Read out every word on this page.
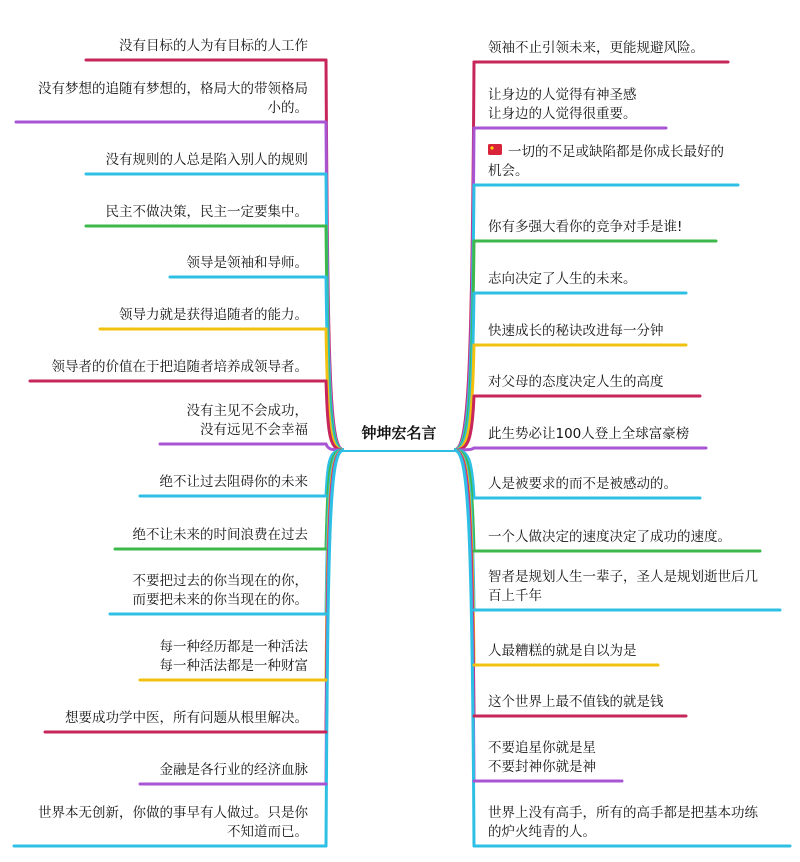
没有目标的人为有目标的人工作
没有梦想的追随有梦想的，格局大的带领格局
小的。
没有规则的人总是陷入别人的规则
民主不做决策，民主一定要集中。
领导是领袖和导师。
领导力就是获得追随者的能力。
领导者的价值在于把追随者培养成领导者。
没有主见不会成功，
没有远见不会幸福
绝不让过去阻碍你的未来
绝不让未来的时间浪费在过去
不要把过去的你当现在的你，
而要把未来的你当现在的你。
每一种经历都是一种活法
每一种活法都是一种财富
想要成功学中医，所有问题从根里解决。
金融是各行业的经济血脉
世界本无创新，你做的事早有人做过。只是你
不知道而已。
领袖不止引领未来，更能规避风险。
让身边的人觉得有神圣感
让身边的人觉得很重要。
一切的不足或缺陷都是你成长最好的
机会。
你有多强大看你的竞争对手是谁!
志向决定了人生的未来。
快速成长的秘诀改进每一分钟
对父母的态度决定人生的高度
此生势必让100人登上全球富豪榜
人是被要求的而不是被感动的。
一个人做决定的速度决定了成功的速度。
智者是规划人生一辈子，圣人是规划逝世后几
百上千年
人最糟糕的就是自以为是
这个世界上最不值钱的就是钱
不要追星你就是星
不要封神你就是神
世界上没有高手，所有的高手都是把基本功练
的炉火纯青的人。
钟坤宏名言
